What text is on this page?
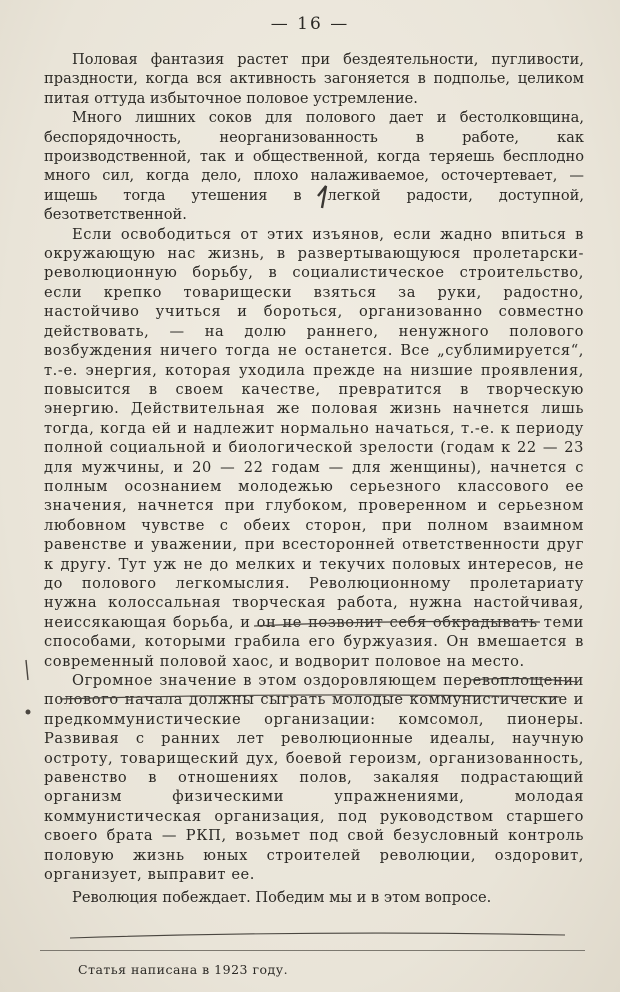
— 16 —

Половая фантазия растет при бездеятельности, пугливости, праздности, когда вся активность загоняется в подполье, целиком питая оттуда избыточное половое устремление.

Много лишних соков для полового дает и бестолковщина, беспорядочность, неорганизованность в работе, как производственной, так и общественной, когда теряешь бесплодно много сил, когда дело, плохо налаживаемое, осточертевает, — ищешь тогда утешения в легкой радости, доступной, безответственной.

Если освободиться от этих изъянов, если жадно впиться в окружающую нас жизнь, в развертывающуюся пролетарски-революционную борьбу, в социалистическое строительство, если крепко товарищески взяться за руки, радостно, настойчиво учиться и бороться, организованно совместно действовать, — на долю раннего, ненужного полового возбуждения ничего тогда не останется. Все „сублимируется“, т.-е. энергия, которая уходила прежде на низшие проявления, повысится в своем качестве, превратится в творческую энергию. Действительная же половая жизнь начнется лишь тогда, когда ей и надлежит нормально начаться, т.-е. к периоду полной социальной и биологической зрелости (годам к 22 — 23 для мужчины, и 20 — 22 годам — для женщины), начнется с полным осознанием молодежью серьезного классового ее значения, начнется при глубоком, проверенном и серьезном любовном чувстве с обеих сторон, при полном взаимном равенстве и уважении, при всесторонней ответственности друг к другу. Тут уж не до мелких и текучих половых интересов, не до полового легкомыслия. Революционному пролетариату нужна колоссальная творческая работа, нужна настойчивая, неиссякающая борьба, и он не позволит себя обкрадывать теми способами, которыми грабила его буржуазия. Он вмешается в современный половой хаос, и водворит половое на место.

Огромное значение в этом оздоровляющем перевоплощении полового начала должны сыграть молодые коммунистические и предкоммунистические организации: комсомол, пионеры. Развивая с ранних лет революционные идеалы, научную остроту, товарищеский дух, боевой героизм, организованность, равенство в отношениях полов, закаляя подрастающий организм физическими упражнениями, молодая коммунистическая организация, под руководством старшего своего брата — РКП, возьмет под свой безусловный контроль половую жизнь юных строителей революции, оздоровит, организует, выправит ее.

Революция побеждает. Победим мы и в этом вопросе.

Статья написана в 1923 году.
